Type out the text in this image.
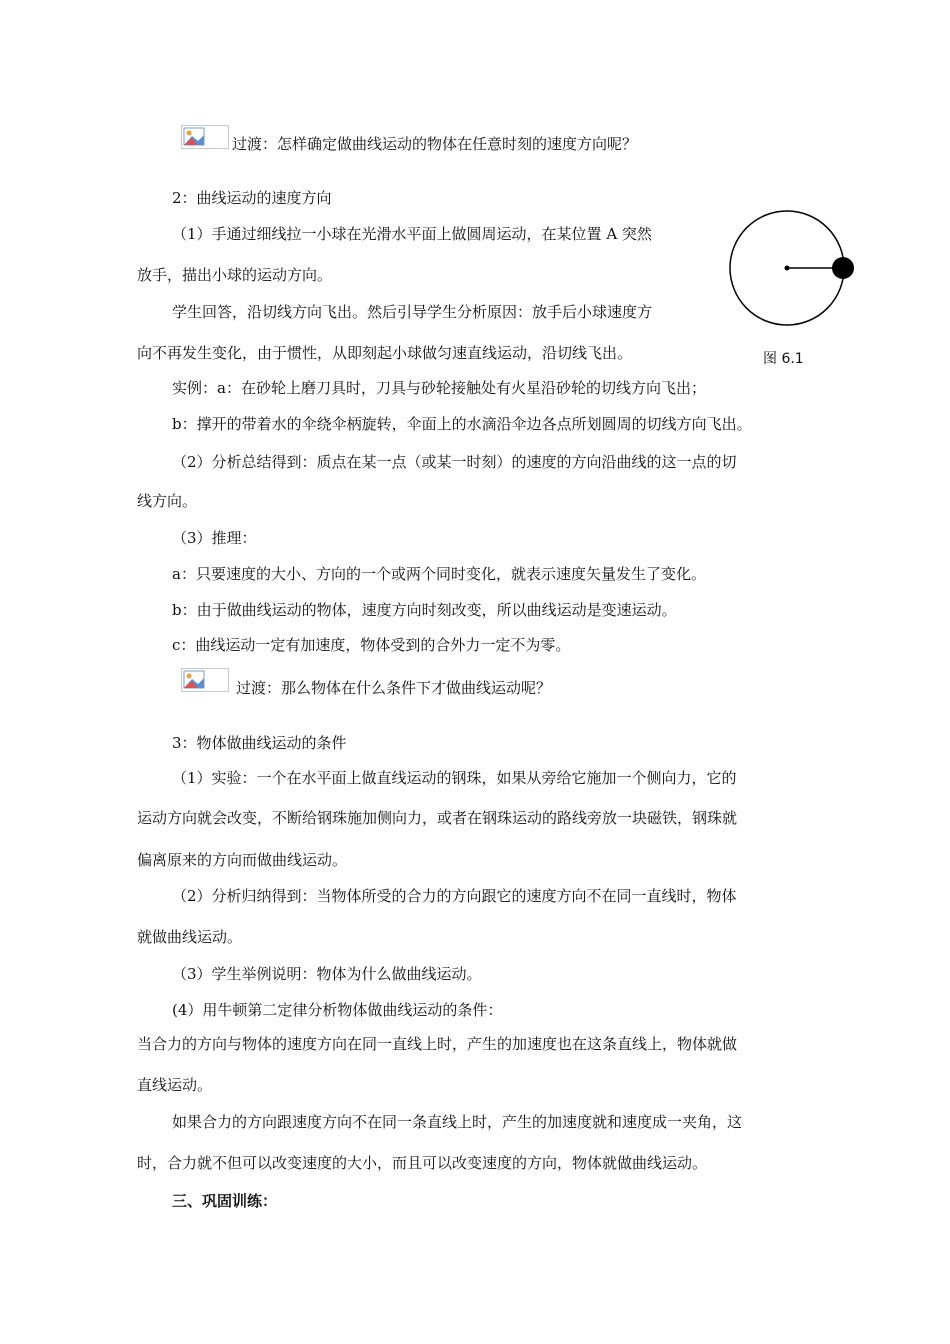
过渡：怎样确定做曲线运动的物体在任意时刻的速度方向呢？
2：曲线运动的速度方向
（1）手通过细线拉一小球在光滑水平面上做圆周运动，在某位置 A 突然
放手，描出小球的运动方向。
学生回答，沿切线方向飞出。然后引导学生分析原因：放手后小球速度方
向不再发生变化，由于惯性，从即刻起小球做匀速直线运动，沿切线飞出。	图 6.1
实例：a：在砂轮上磨刀具时，刀具与砂轮接触处有火星沿砂轮的切线方向飞出；
b：撑开的带着水的伞绕伞柄旋转，伞面上的水滴沿伞边各点所划圆周的切线方向飞出。
（2）分析总结得到：质点在某一点（或某一时刻）的速度的方向沿曲线的这一点的切
线方向。
（3）推理：
a：只要速度的大小、方向的一个或两个同时变化，就表示速度矢量发生了变化。
b：由于做曲线运动的物体，速度方向时刻改变，所以曲线运动是变速运动。
c：曲线运动一定有加速度，物体受到的合外力一定不为零。
过渡：那么物体在什么条件下才做曲线运动呢？
3：物体做曲线运动的条件
（1）实验：一个在水平面上做直线运动的钢珠，如果从旁给它施加一个侧向力，它的
运动方向就会改变，不断给钢珠施加侧向力，或者在钢珠运动的路线旁放一块磁铁，钢珠就
偏离原来的方向而做曲线运动。
（2）分析归纳得到：当物体所受的合力的方向跟它的速度方向不在同一直线时，物体
就做曲线运动。
（3）学生举例说明：物体为什么做曲线运动。
(4）用牛顿第二定律分析物体做曲线运动的条件：
当合力的方向与物体的速度方向在同一直线上时，产生的加速度也在这条直线上，物体就做
直线运动。
如果合力的方向跟速度方向不在同一条直线上时，产生的加速度就和速度成一夹角，这
时，合力就不但可以改变速度的大小，而且可以改变速度的方向，物体就做曲线运动。
三、巩固训练：
